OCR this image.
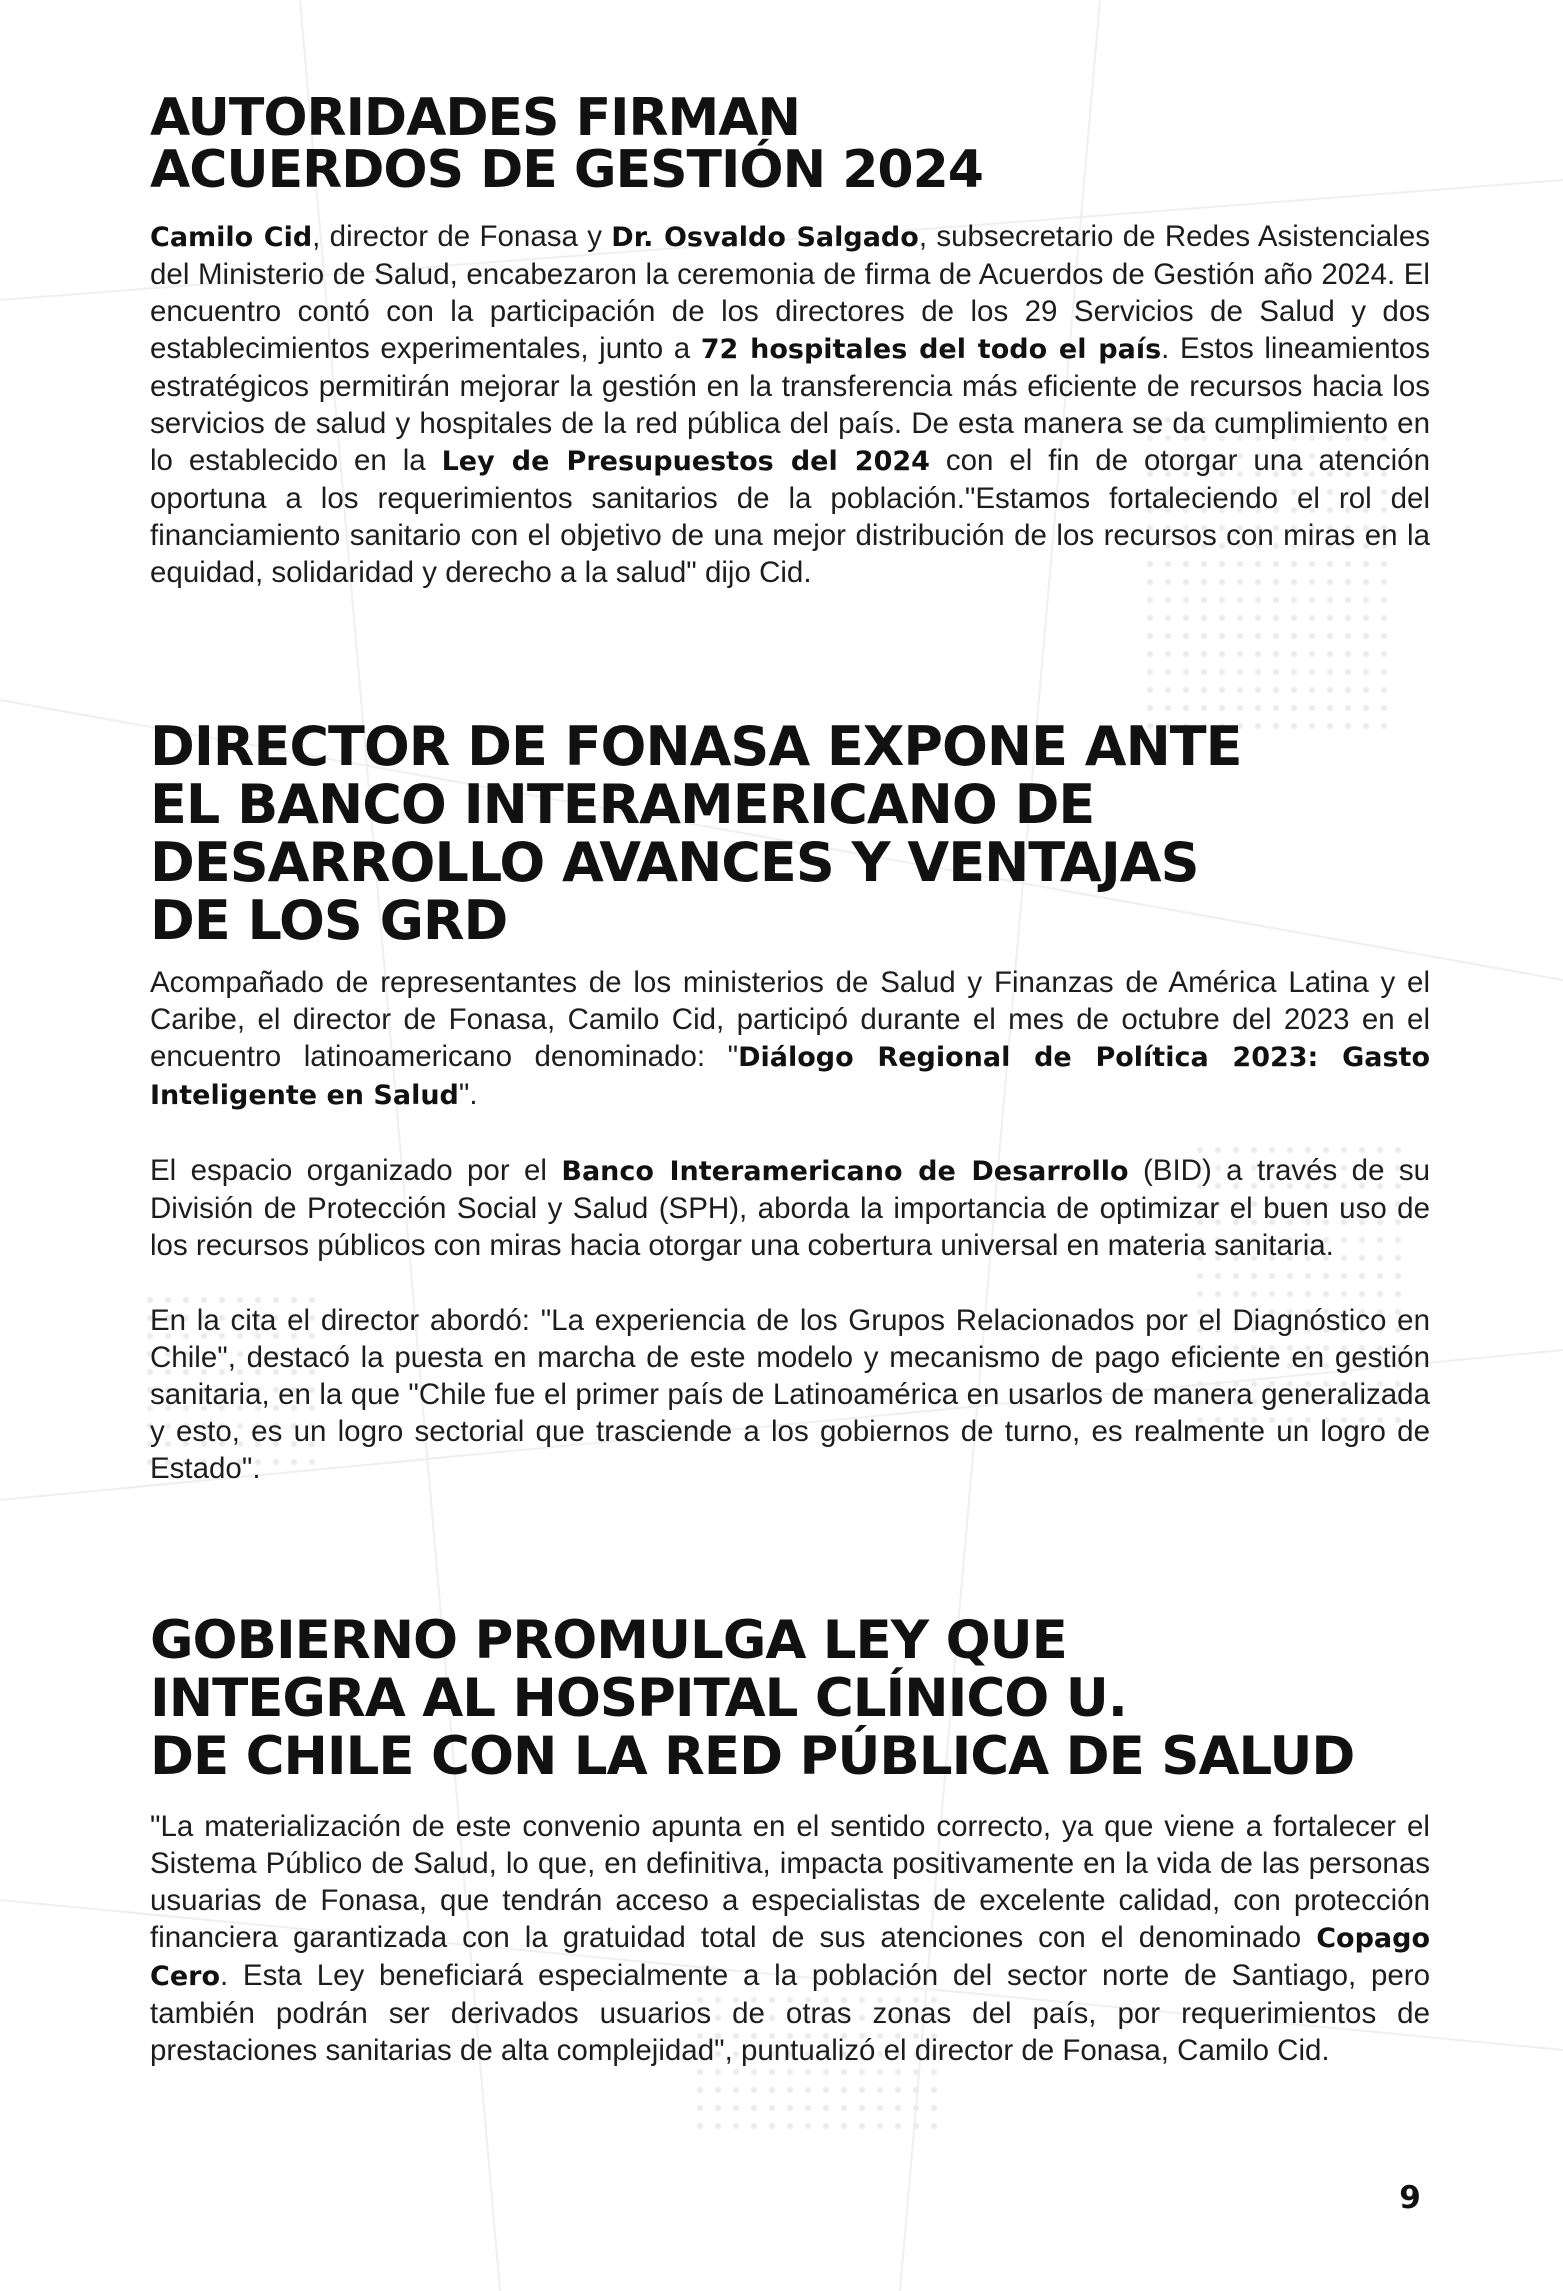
AUTORIDADES FIRMAN
ACUERDOS DE GESTIÓN 2024

Camilo Cid, director de Fonasa y Dr. Osvaldo Salgado, subsecretario de Redes Asistenciales del Ministerio de Salud, encabezaron la ceremonia de firma de Acuerdos de Gestión año 2024. El encuentro contó con la participación de los directores de los 29 Servicios de Salud y dos establecimientos experimentales, junto a 72 hospitales del todo el país. Estos lineamientos estratégicos permitirán mejorar la gestión en la transferencia más eficiente de recursos hacia los servicios de salud y hospitales de la red pública del país. De esta manera se da cumplimiento en lo establecido en la Ley de Presupuestos del 2024 con el fin de otorgar una atención oportuna a los requerimientos sanitarios de la población."Estamos fortaleciendo el rol del financiamiento sanitario con el objetivo de una mejor distribución de los recursos con miras en la equidad, solidaridad y derecho a la salud" dijo Cid.

DIRECTOR DE FONASA EXPONE ANTE
EL BANCO INTERAMERICANO DE
DESARROLLO AVANCES Y VENTAJAS
DE LOS GRD

Acompañado de representantes de los ministerios de Salud y Finanzas de América Latina y el Caribe, el director de Fonasa, Camilo Cid, participó durante el mes de octubre del 2023 en el encuentro latinoamericano denominado: "Diálogo Regional de Política 2023: Gasto Inteligente en Salud".

El espacio organizado por el Banco Interamericano de Desarrollo (BID) a través de su División de Protección Social y Salud (SPH), aborda la importancia de optimizar el buen uso de los recursos públicos con miras hacia otorgar una cobertura universal en materia sanitaria.

En la cita el director abordó: "La experiencia de los Grupos Relacionados por el Diagnóstico en Chile", destacó la puesta en marcha de este modelo y mecanismo de pago eficiente en gestión sanitaria, en la que "Chile fue el primer país de Latinoamérica en usarlos de manera generalizada y esto, es un logro sectorial que trasciende a los gobiernos de turno, es realmente un logro de Estado".

GOBIERNO PROMULGA LEY QUE
INTEGRA AL HOSPITAL CLÍNICO U.
DE CHILE CON LA RED PÚBLICA DE SALUD

"La materialización de este convenio apunta en el sentido correcto, ya que viene a fortalecer el Sistema Público de Salud, lo que, en definitiva, impacta positivamente en la vida de las personas usuarias de Fonasa, que tendrán acceso a especialistas de excelente calidad, con protección financiera garantizada con la gratuidad total de sus atenciones con el denominado Copago Cero. Esta Ley beneficiará especialmente a la población del sector norte de Santiago, pero también podrán ser derivados usuarios de otras zonas del país, por requerimientos de prestaciones sanitarias de alta complejidad", puntualizó el director de Fonasa, Camilo Cid.

9
